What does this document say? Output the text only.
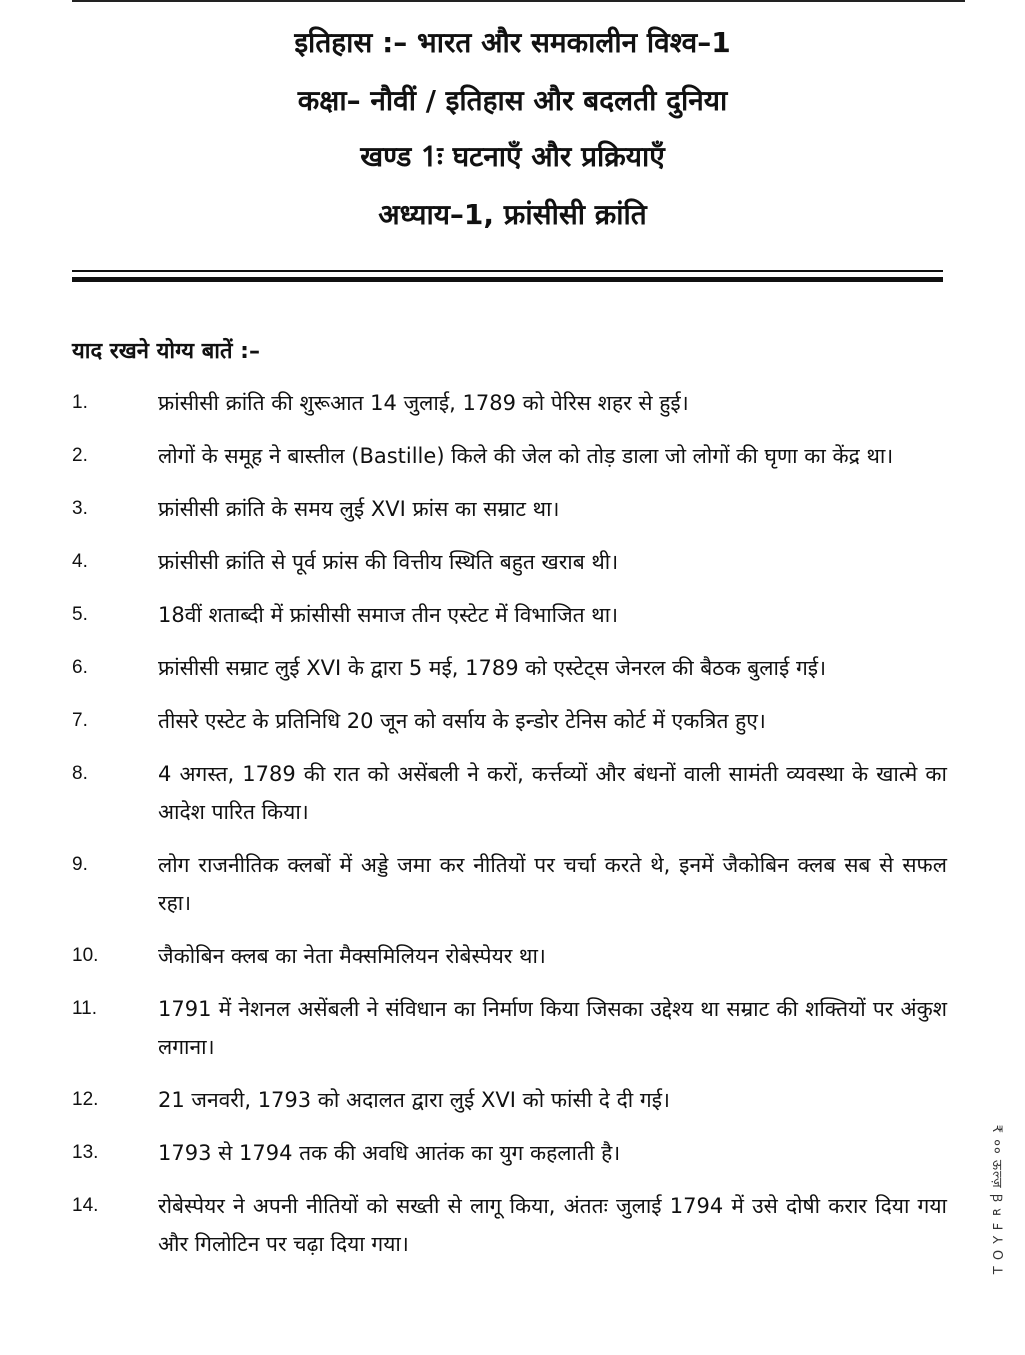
इतिहास :– भारत और समकालीन विश्व–1
कक्षा– नौवीं / इतिहास और बदलती दुनिया
खण्ड 1ः घटनाएँ और प्रक्रियाएँ
अध्याय–1, फ्रांसीसी क्रांति
याद रखने योग्य बातें :–
1.	फ्रांसीसी क्रांति की शुरूआत 14 जुलाई, 1789 को पेरिस शहर से हुई।
2.	लोगों के समूह ने बास्तील (Bastille) किले की जेल को तोड़ डाला जो लोगों की घृणा का केंद्र था।
3.	फ्रांसीसी क्रांति के समय लुई XVI फ्रांस का सम्राट था।
4.	फ्रांसीसी क्रांति से पूर्व फ्रांस की वित्तीय स्थिति बहुत खराब थी।
5.	18वीं शताब्दी में फ्रांसीसी समाज तीन एस्टेट में विभाजित था।
6.	फ्रांसीसी सम्राट लुई XVI के द्वारा 5 मई, 1789 को एस्टेट्स जेनरल की बैठक बुलाई गई।
7.	तीसरे एस्टेट के प्रतिनिधि 20 जून को वर्साय के इन्डोर टेनिस कोर्ट में एकत्रित हुए।
8.	4 अगस्त, 1789 की रात को असेंबली ने करों, कर्त्तव्यों और बंधनों वाली सामंती व्यवस्था के खात्मे का आदेश पारित किया।
9.	लोग राजनीतिक क्लबों में अड्डे जमा कर नीतियों पर चर्चा करते थे, इनमें जैकोबिन क्लब सब से सफल रहा।
10.	जैकोबिन क्लब का नेता मैक्समिलियन रोबेस्पेयर था।
11.	1791 में नेशनल असेंबली ने संविधान का निर्माण किया जिसका उद्देश्य था सम्राट की शक्तियों पर अंकुश लगाना।
12.	21 जनवरी, 1793 को अदालत द्वारा लुई XVI को फांसी दे दी गई।
13.	1793 से 1794 तक की अवधि आतंक का युग कहलाती है।
14.	रोबेस्पेयर ने अपनी नीतियों को सख्ती से लागू किया, अंततः जुलाई 1794 में उसे दोषी करार दिया गया और गिलोटिन पर चढ़ा दिया गया।	₹ ०० ऊल्ज़ Ꞵ ᴚ Ⅎ ⅄ O ꓕ
